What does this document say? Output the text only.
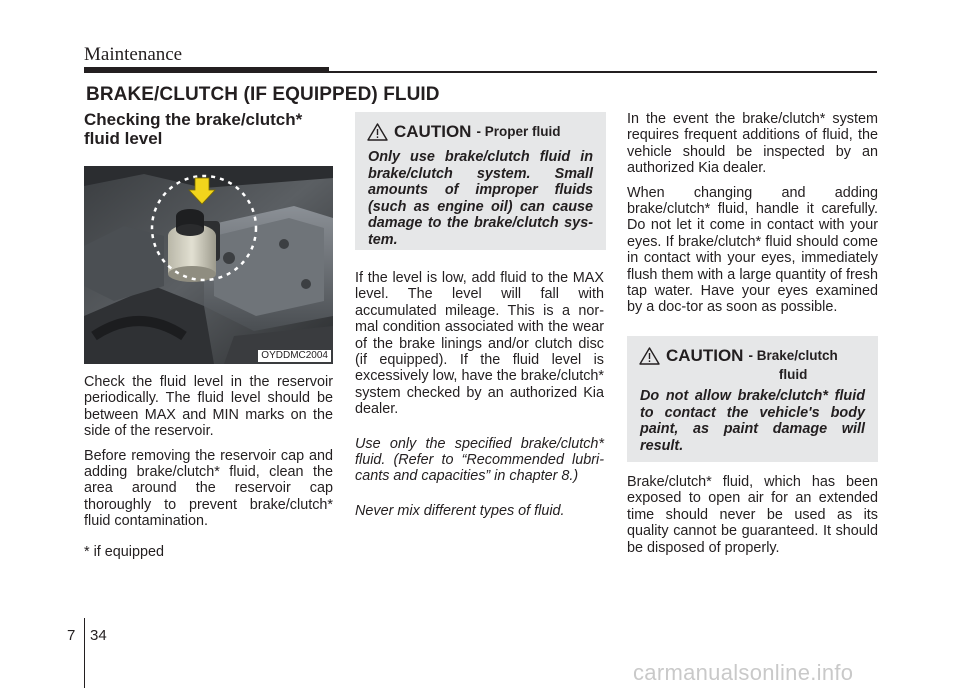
Maintenance
BRAKE/CLUTCH (IF EQUIPPED) FLUID
Checking the brake/clutch* fluid level
OYDDMC2004

Check the fluid level in the reservoir periodically. The fluid level should be between MAX and MIN marks on the side of the reservoir.

Before removing the reservoir cap and adding brake/clutch* fluid, clean the area around the reservoir cap thoroughly to prevent brake/clutch* fluid contamination.

* if equipped

CAUTION - Proper fluid
Only use brake/clutch fluid in brake/clutch system. Small amounts of improper fluids (such as engine oil) can cause damage to the brake/clutch sys-tem.

If the level is low, add fluid to the MAX level. The level will fall with accumulated mileage. This is a nor-mal condition associated with the wear of the brake linings and/or clutch disc (if equipped). If the fluid level is excessively low, have the brake/clutch* system checked by an authorized Kia dealer.

Use only the specified brake/clutch* fluid. (Refer to “Recommended lubri-cants and capacities” in chapter 8.)

Never mix different types of fluid.

In the event the brake/clutch* system requires frequent additions of fluid, the vehicle should be inspected by an authorized Kia dealer.

When changing and adding brake/clutch* fluid, handle it carefully. Do not let it come in contact with your eyes. If brake/clutch* fluid should come in contact with your eyes, immediately flush them with a large quantity of fresh tap water. Have your eyes examined by a doc-tor as soon as possible.

CAUTION - Brake/clutch
fluid
Do not allow brake/clutch* fluid to contact the vehicle's body paint, as paint damage will result.

Brake/clutch* fluid, which has been exposed to open air for an extended time should never be used as its quality cannot be guaranteed. It should be disposed of properly.

7 34
carmanualsonline.info
